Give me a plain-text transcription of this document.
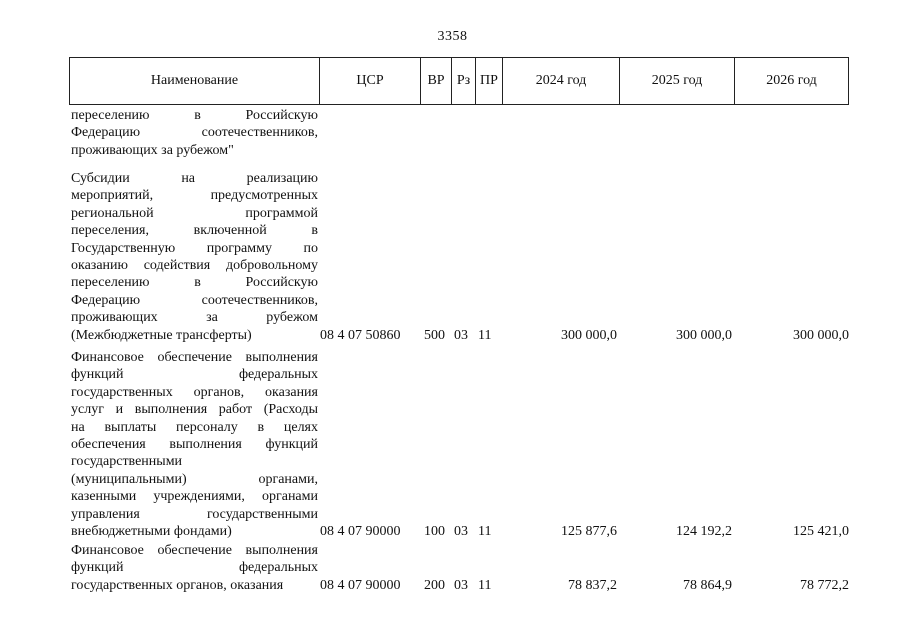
3358
Наименование	ЦСР	ВР Рз ПР	2024 год	2025 год	2026 год
переселению в Российскую
Федерацию соотечественников,
проживающих за рубежом"
Субсидии на реализацию
мероприятий, предусмотренных
региональной программой
переселения, включенной в
Государственную программу по
оказанию содействия добровольному
переселению в Российскую
Федерацию соотечественников,
проживающих за рубежом
(Межбюджетные трансферты)	08 4 07 50860 500 03 11	300 000,0	300 000,0	300 000,0
Финансовое обеспечение выполнения
функций федеральных
государственных органов, оказания
услуг и выполнения работ (Расходы
на выплаты персоналу в целях
обеспечения выполнения функций
государственными
(муниципальными) органами,
казенными учреждениями, органами
управления государственными
внебюджетными фондами)	08 4 07 90000 100 03 11	125 877,6	124 192,2	125 421,0
Финансовое обеспечение выполнения
функций федеральных
государственных органов, оказания	08 4 07 90000 200 03 11	78 837,2	78 864,9	78 772,2
